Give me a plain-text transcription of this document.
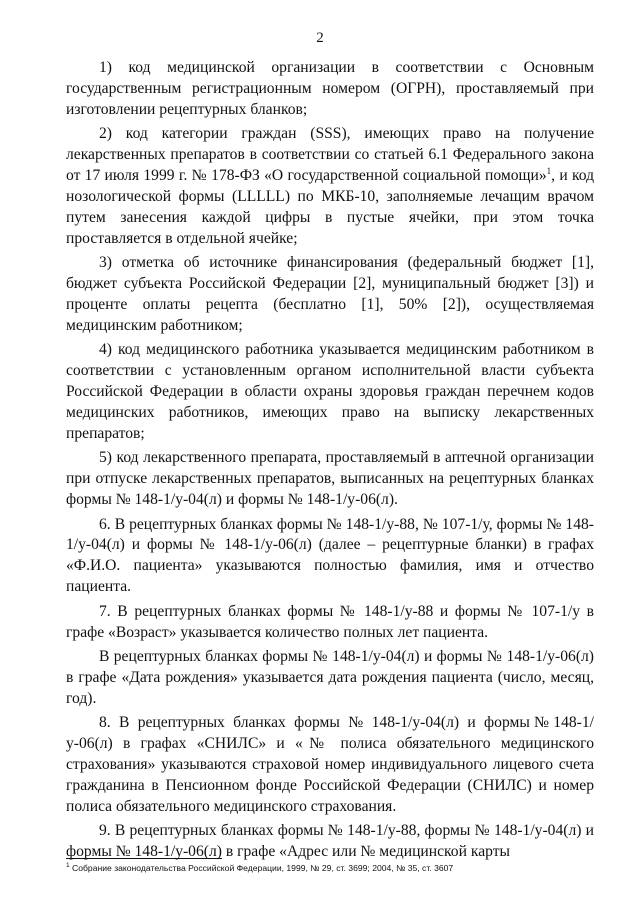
2

1)  код  медицинской  организации  в  соответствии  с  Основным государственным регистрационным номером (ОГРН), проставляемый при изготовлении рецептурных бланков;

2) код категории граждан (SSS), имеющих право на получение лекарственных препаратов в соответствии со статьей 6.1 Федерального закона от 17 июля 1999 г. № 178-ФЗ «О государственной социальной помощи»$^1$, и код нозологической формы (LLLLL) по МКБ-10, заполняемые лечащим врачом путем занесения каждой цифры в пустые ячейки, при этом точка проставляется в отдельной ячейке;

3) отметка об источнике финансирования (федеральный бюджет [1], бюджет субъекта Российской Федерации [2], муниципальный бюджет [3]) и проценте оплаты рецепта (бесплатно [1], 50% [2]), осуществляемая медицинским работником;

4) код медицинского работника указывается медицинским работником в соответствии с установленным органом исполнительной власти субъекта Российской Федерации в области охраны здоровья граждан перечнем кодов медицинских работников, имеющих право на выписку лекарственных препаратов;

5) код лекарственного препарата, проставляемый в аптечной организации при отпуске лекарственных препаратов, выписанных на рецептурных бланках формы № 148-1/у-04(л) и формы № 148-1/у-06(л).

6. В рецептурных бланках формы № 148-1/у-88, № 107-1/у, формы № 148-1/у-04(л) и формы № 148-1/у-06(л) (далее – рецептурные бланки) в графах «Ф.И.О. пациента» указываются полностью фамилия, имя и отчество пациента.

7. В рецептурных бланках формы № 148-1/у-88 и формы № 107-1/у в графе «Возраст» указывается количество полных лет пациента.

В рецептурных бланках формы № 148-1/у-04(л) и формы № 148-1/у-06(л) в графе «Дата рождения» указывается дата рождения пациента (число, месяц, год).

8.  В  рецептурных  бланках  формы  №  148-1/у-04(л)  и  формы № 148-1/у-06(л) в графах «СНИЛС» и «№ полиса обязательного медицинского страхования» указываются страховой номер индивидуального лицевого счета гражданина в Пенсионном фонде Российской Федерации (СНИЛС) и номер полиса обязательного медицинского страхования.

9. В рецептурных бланках формы № 148-1/у-88, формы № 148-1/у-04(л) и формы № 148-1/у-06(л) в графе «Адрес или № медицинской карты

$^1$ Собрание законодательства Российской Федерации, 1999, № 29, ст. 3699; 2004, № 35, ст. 3607
